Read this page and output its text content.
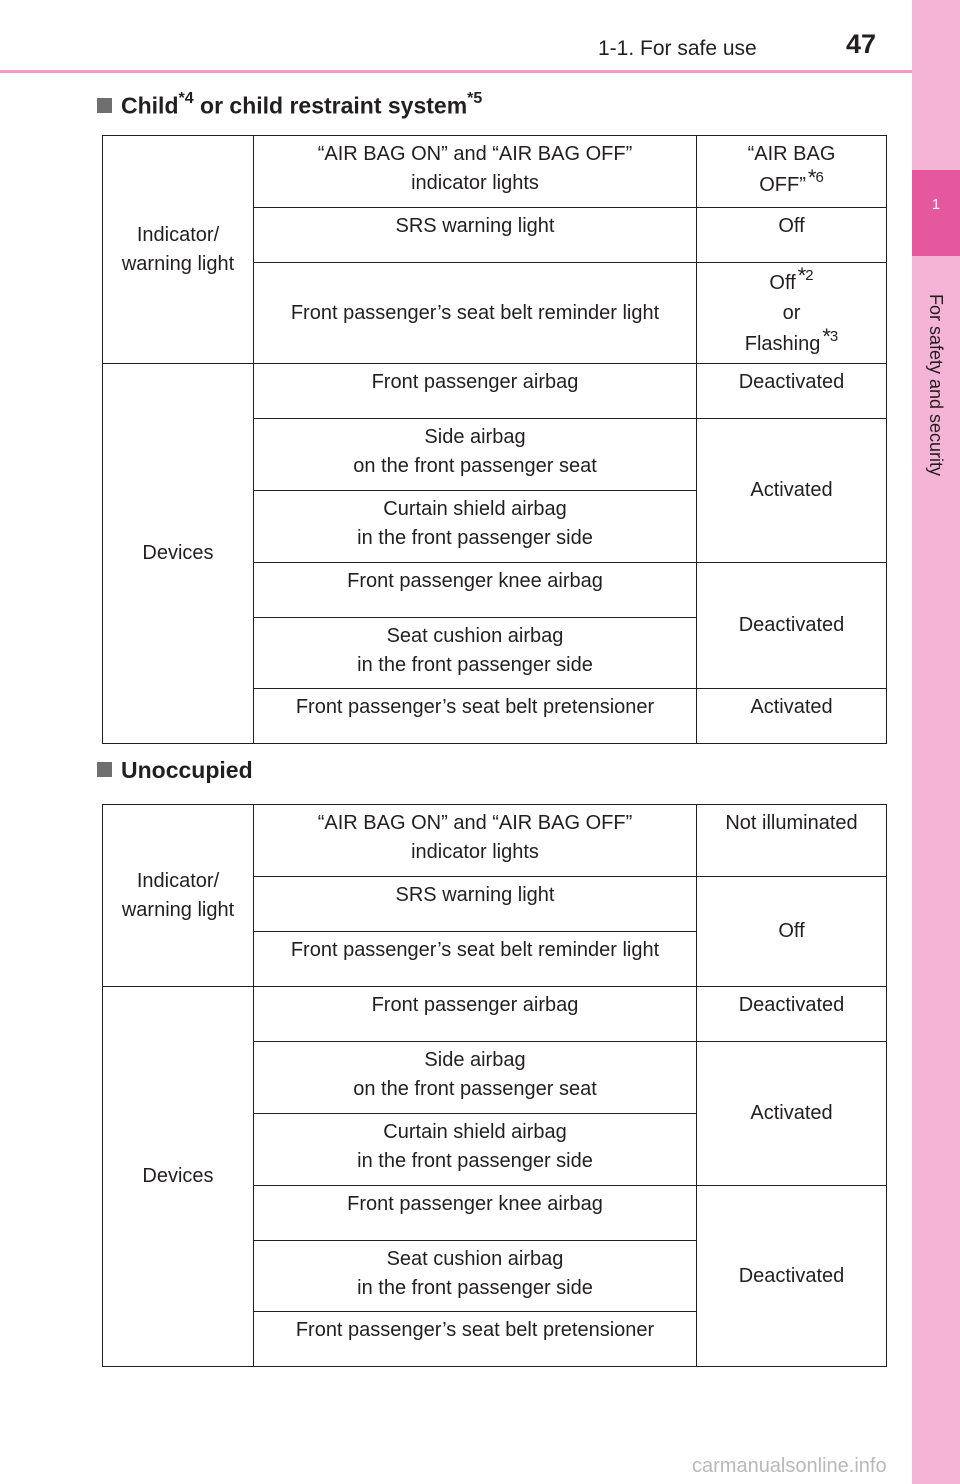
1-1. For safe use	47
1
For safety and security
Child$^{*4}$ or child restraint system$^{*5}$
Indicator/
warning light	“AIR BAG ON” and “AIR BAG OFF”
indicator lights	“AIR BAG
OFF”*$^6$

	SRS warning light	Off
	Front passenger’s seat belt reminder light	Off*$^2$
or
Flashing*$^3$

Devices	Front passenger airbag	Deactivated

	Side airbag
on the front passenger seat	Activated

	Curtain shield airbag
in the front passenger side	

	Front passenger knee airbag	Deactivated

	Seat cushion airbag
in the front passenger side	

	Front passenger’s seat belt pretensioner	Activated
Unoccupied
Indicator/
warning light	“AIR BAG ON” and “AIR BAG OFF”
indicator lights	Not illuminated
	SRS warning light	Off
	Front passenger’s seat belt reminder light	
Devices	Front passenger airbag	Deactivated

	Side airbag
on the front passenger seat	Activated

	Curtain shield airbag
in the front passenger side	

	Front passenger knee airbag	Deactivated

	Seat cushion airbag
in the front passenger side	

	Front passenger’s seat belt pretensioner	
carmanualsonline.info
